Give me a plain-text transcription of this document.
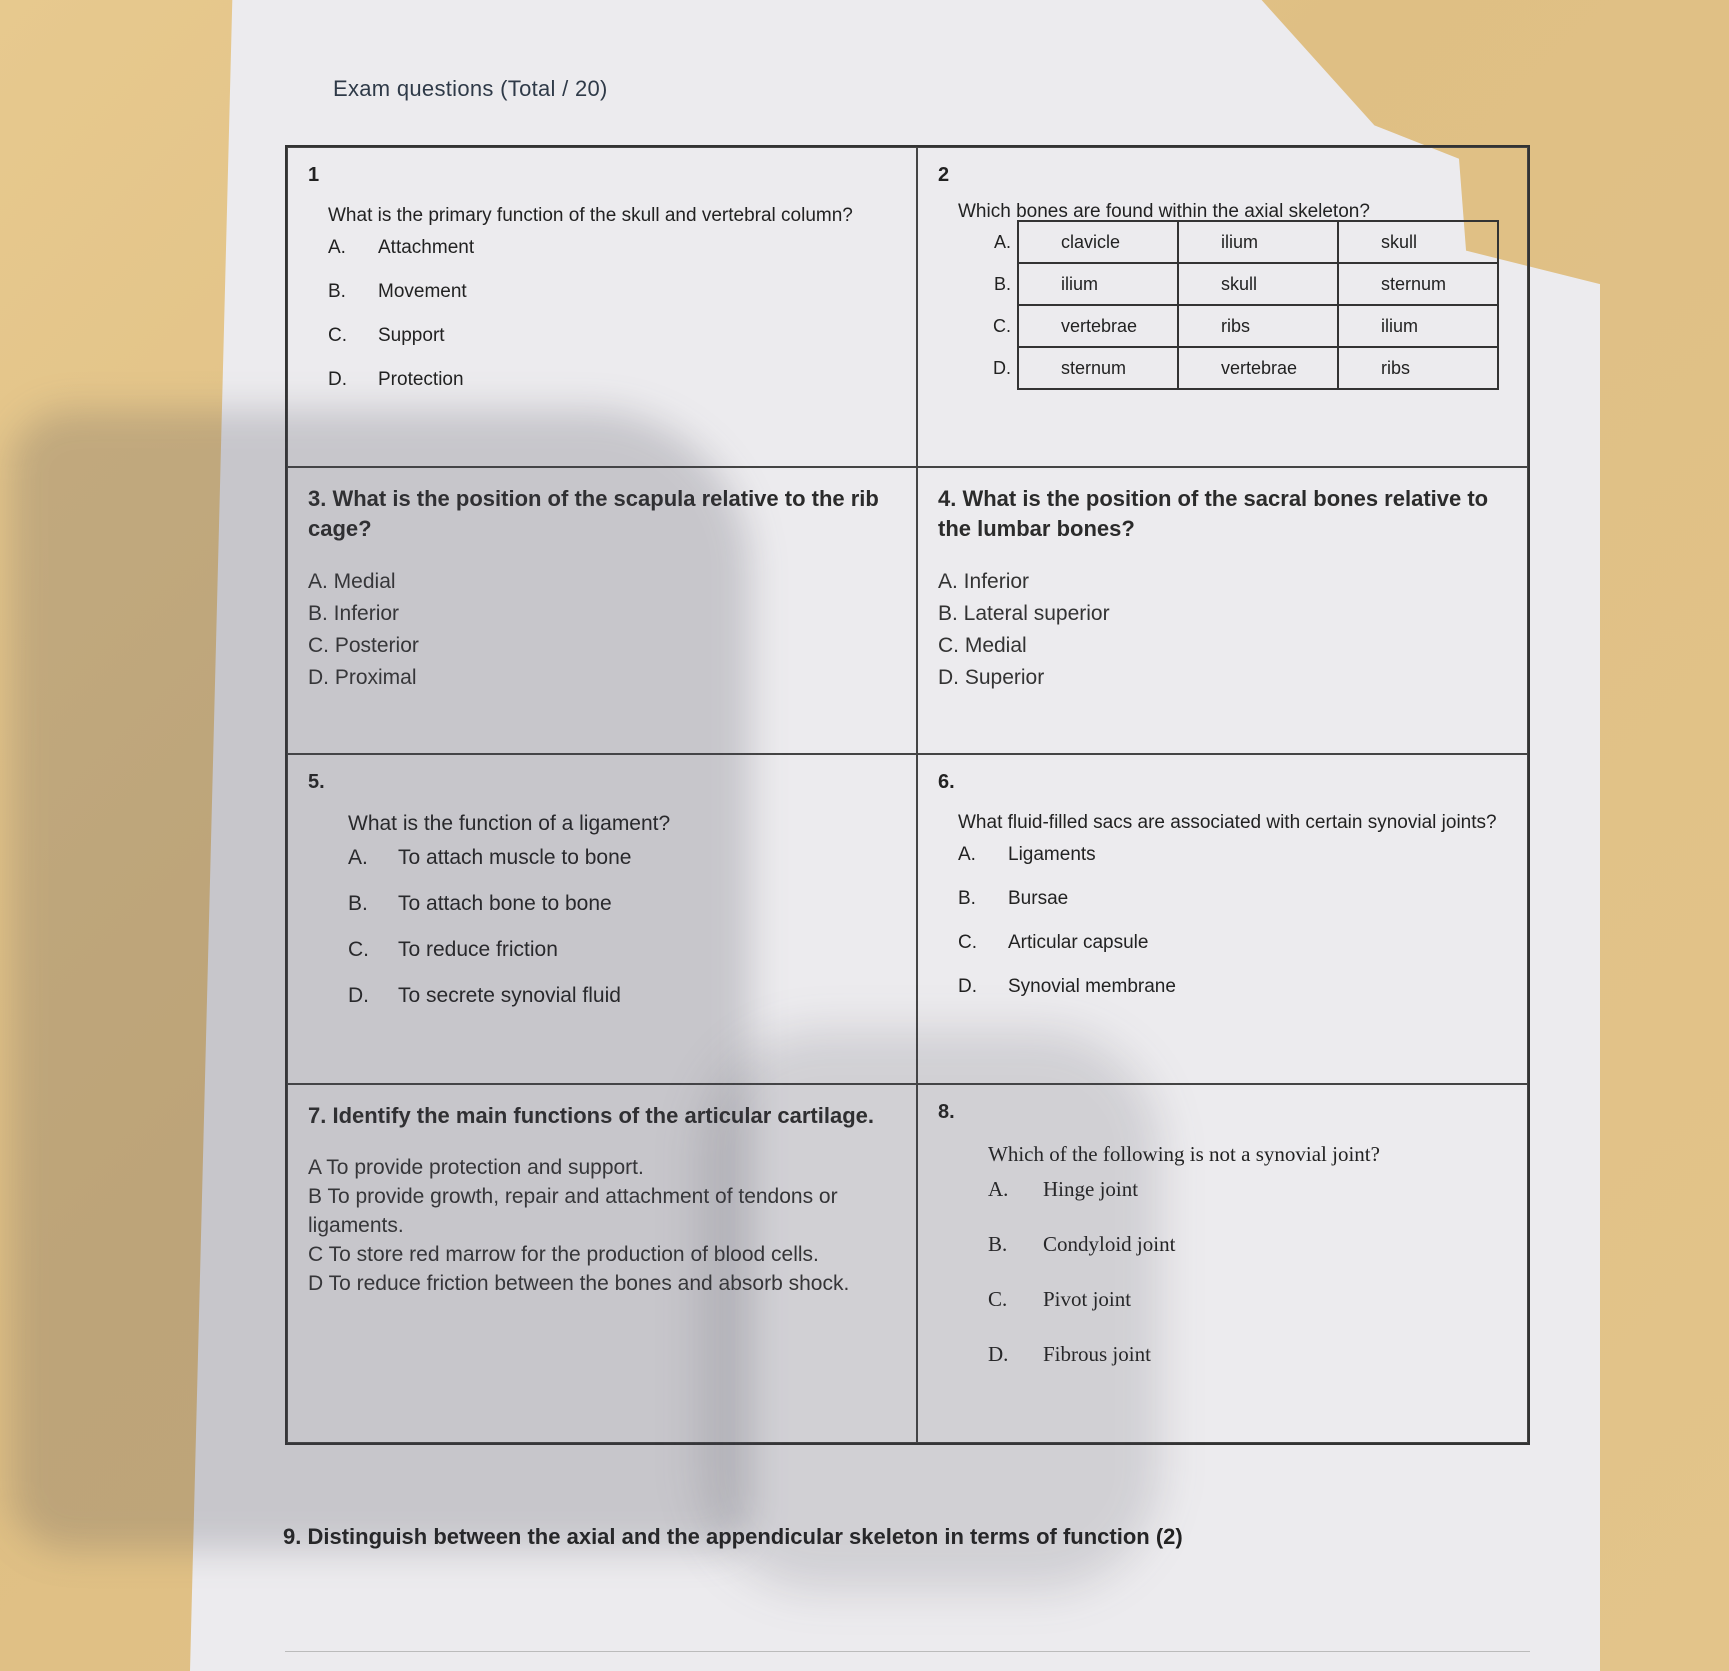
Exam questions (Total / 20)
1
What is the primary function of the skull and vertebral column?
A.	Attachment
B.	Movement
C.	Support
D.	Protection
2
Which bones are found within the axial skeleton?
A.	clavicle	ilium	skull
B.	ilium	skull	sternum
C.	vertebrae	ribs	ilium
D.	sternum	vertebrae	ribs
3. What is the position of the scapula relative to the rib cage?
A. Medial
B. Inferior
C. Posterior
D. Proximal
4. What is the position of the sacral bones relative to the lumbar bones?
A. Inferior
B. Lateral superior
C. Medial
D. Superior
5.
What is the function of a ligament?
A.	To attach muscle to bone
B.	To attach bone to bone
C.	To reduce friction
D.	To secrete synovial fluid
6.
What fluid-filled sacs are associated with certain synovial joints?
A.	Ligaments
B.	Bursae
C.	Articular capsule
D.	Synovial membrane
7. Identify the main functions of the articular cartilage.
A To provide protection and support.
B To provide growth, repair and attachment of tendons or ligaments.
C To store red marrow for the production of blood cells.
D To reduce friction between the bones and absorb shock.
8.
Which of the following is not a synovial joint?
A.	Hinge joint
B.	Condyloid joint
C.	Pivot joint
D.	Fibrous joint
9. Distinguish between the axial and the appendicular skeleton in terms of function (2)
